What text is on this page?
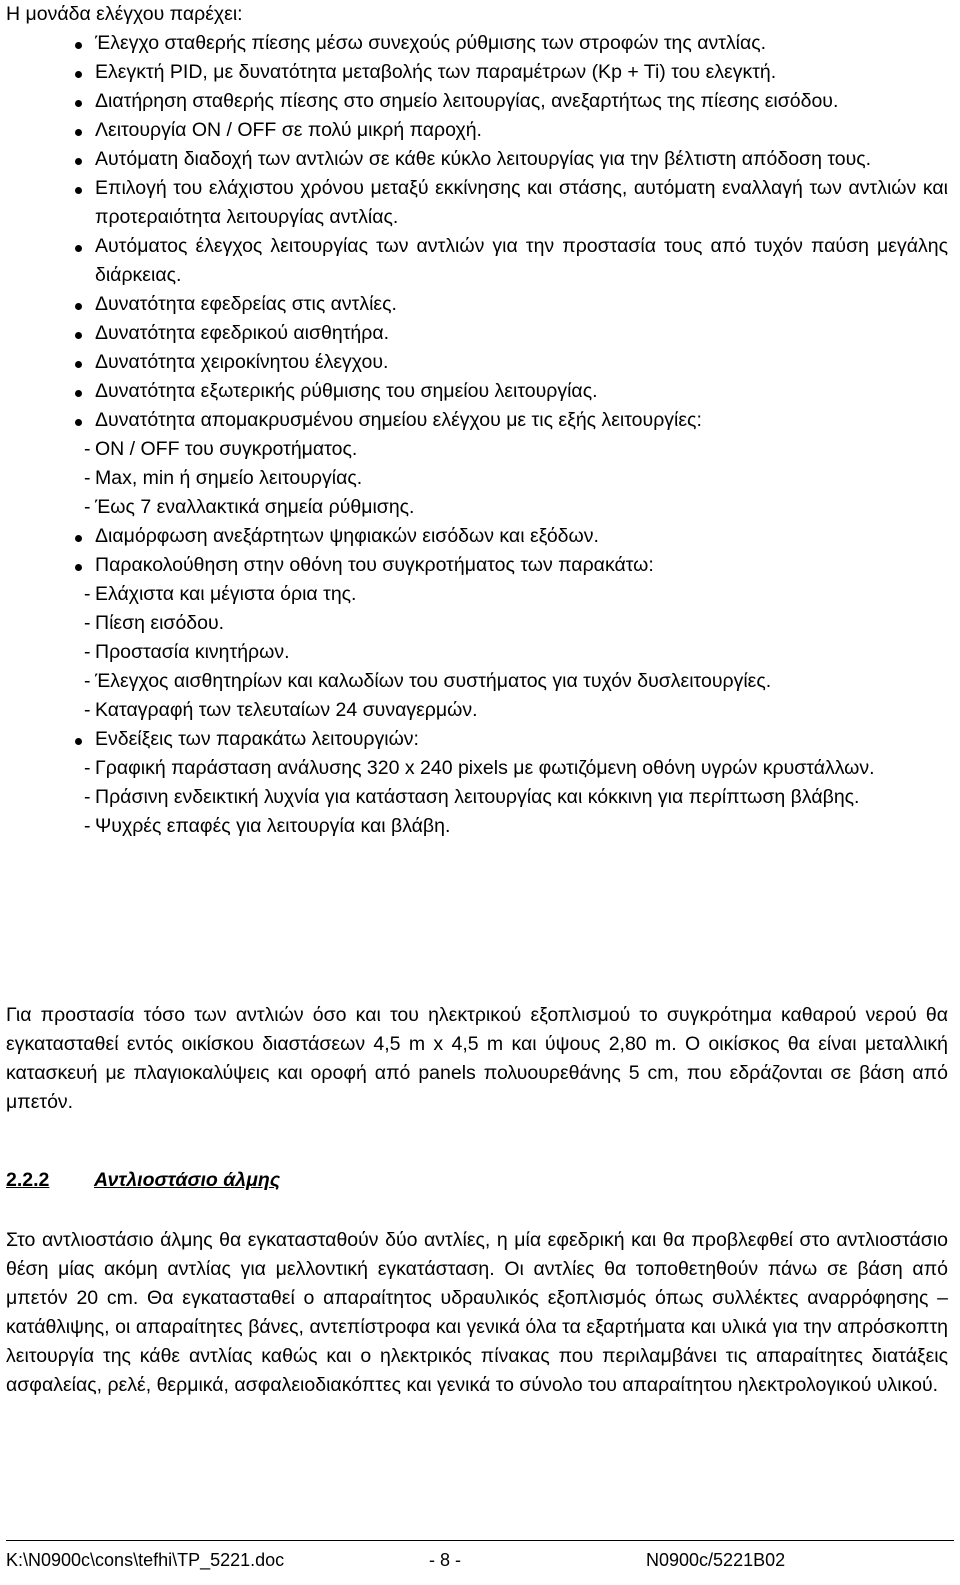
Η μονάδα ελέγχου παρέχει:
Έλεγχο σταθερής πίεσης μέσω συνεχούς ρύθμισης των στροφών της αντλίας.
Ελεγκτή PID, με δυνατότητα μεταβολής των παραμέτρων (Kp + Ti) του ελεγκτή.
Διατήρηση σταθερής πίεσης στο σημείο λειτουργίας, ανεξαρτήτως της πίεσης εισόδου.
Λειτουργία ΟΝ / OFF σε πολύ μικρή παροχή.
Αυτόματη διαδοχή των αντλιών σε κάθε κύκλο λειτουργίας για την βέλτιστη απόδοση τους.
Επιλογή του ελάχιστου χρόνου μεταξύ εκκίνησης και στάσης, αυτόματη εναλλαγή των αντλιών και προτεραιότητα λειτουργίας αντλίας.
Αυτόματος έλεγχος λειτουργίας των αντλιών για την προστασία τους από τυχόν παύση μεγάλης διάρκειας.
Δυνατότητα εφεδρείας στις αντλίες.
Δυνατότητα εφεδρικού αισθητήρα.
Δυνατότητα χειροκίνητου έλεγχου.
Δυνατότητα εξωτερικής ρύθμισης του σημείου λειτουργίας.
Δυνατότητα απομακρυσμένου σημείου ελέγχου με τις εξής λειτουργίες:
- ΟΝ / OFF του συγκροτήματος.
- Max, min ή σημείο λειτουργίας.
- Έως 7 εναλλακτικά σημεία ρύθμισης.
Διαμόρφωση ανεξάρτητων ψηφιακών εισόδων και εξόδων.
Παρακολούθηση στην οθόνη του συγκροτήματος των παρακάτω:
- Ελάχιστα και μέγιστα όρια της.
- Πίεση εισόδου.
- Προστασία κινητήρων.
- Έλεγχος αισθητηρίων και καλωδίων του συστήματος για τυχόν δυσλειτουργίες.
- Καταγραφή των τελευταίων 24 συναγερμών.
Ενδείξεις των παρακάτω λειτουργιών:
- Γραφική παράσταση ανάλυσης 320 x 240 pixels με φωτιζόμενη οθόνη υγρών κρυστάλλων.
- Πράσινη ενδεικτική λυχνία για κατάσταση λειτουργίας και κόκκινη για περίπτωση βλάβης.
- Ψυχρές επαφές για λειτουργία και βλάβη.

Για προστασία τόσο των αντλιών όσο και του ηλεκτρικού εξοπλισμού το συγκρότημα καθαρού νερού θα εγκατασταθεί εντός οικίσκου διαστάσεων 4,5 m x 4,5 m και ύψους 2,80 m. Ο οικίσκος θα είναι μεταλλική κατασκευή με πλαγιοκαλύψεις και οροφή από panels πολυουρεθάνης 5 cm, που εδράζονται σε βάση από μπετόν.

2.2.2 Αντλιοστάσιο άλμης

Στο αντλιοστάσιο άλμης θα εγκατασταθούν δύο αντλίες, η μία εφεδρική και θα προβλεφθεί στο αντλιοστάσιο θέση μίας ακόμη αντλίας για μελλοντική εγκατάσταση. Οι αντλίες θα τοποθετηθούν πάνω σε βάση από μπετόν 20 cm. Θα εγκατασταθεί ο απαραίτητος υδραυλικός εξοπλισμός όπως συλλέκτες αναρρόφησης – κατάθλιψης, οι απαραίτητες βάνες, αντεπίστροφα και γενικά όλα τα εξαρτήματα και υλικά για την απρόσκοπτη λειτουργία της κάθε αντλίας καθώς και ο ηλεκτρικός πίνακας που περιλαμβάνει τις απαραίτητες διατάξεις ασφαλείας, ρελέ, θερμικά, ασφαλειοδιακόπτες και γενικά το σύνολο του απαραίτητου ηλεκτρολογικού υλικού.

K:\N0900c\cons\tefhi\TP_5221.doc	- 8 -	N0900c/5221B02
